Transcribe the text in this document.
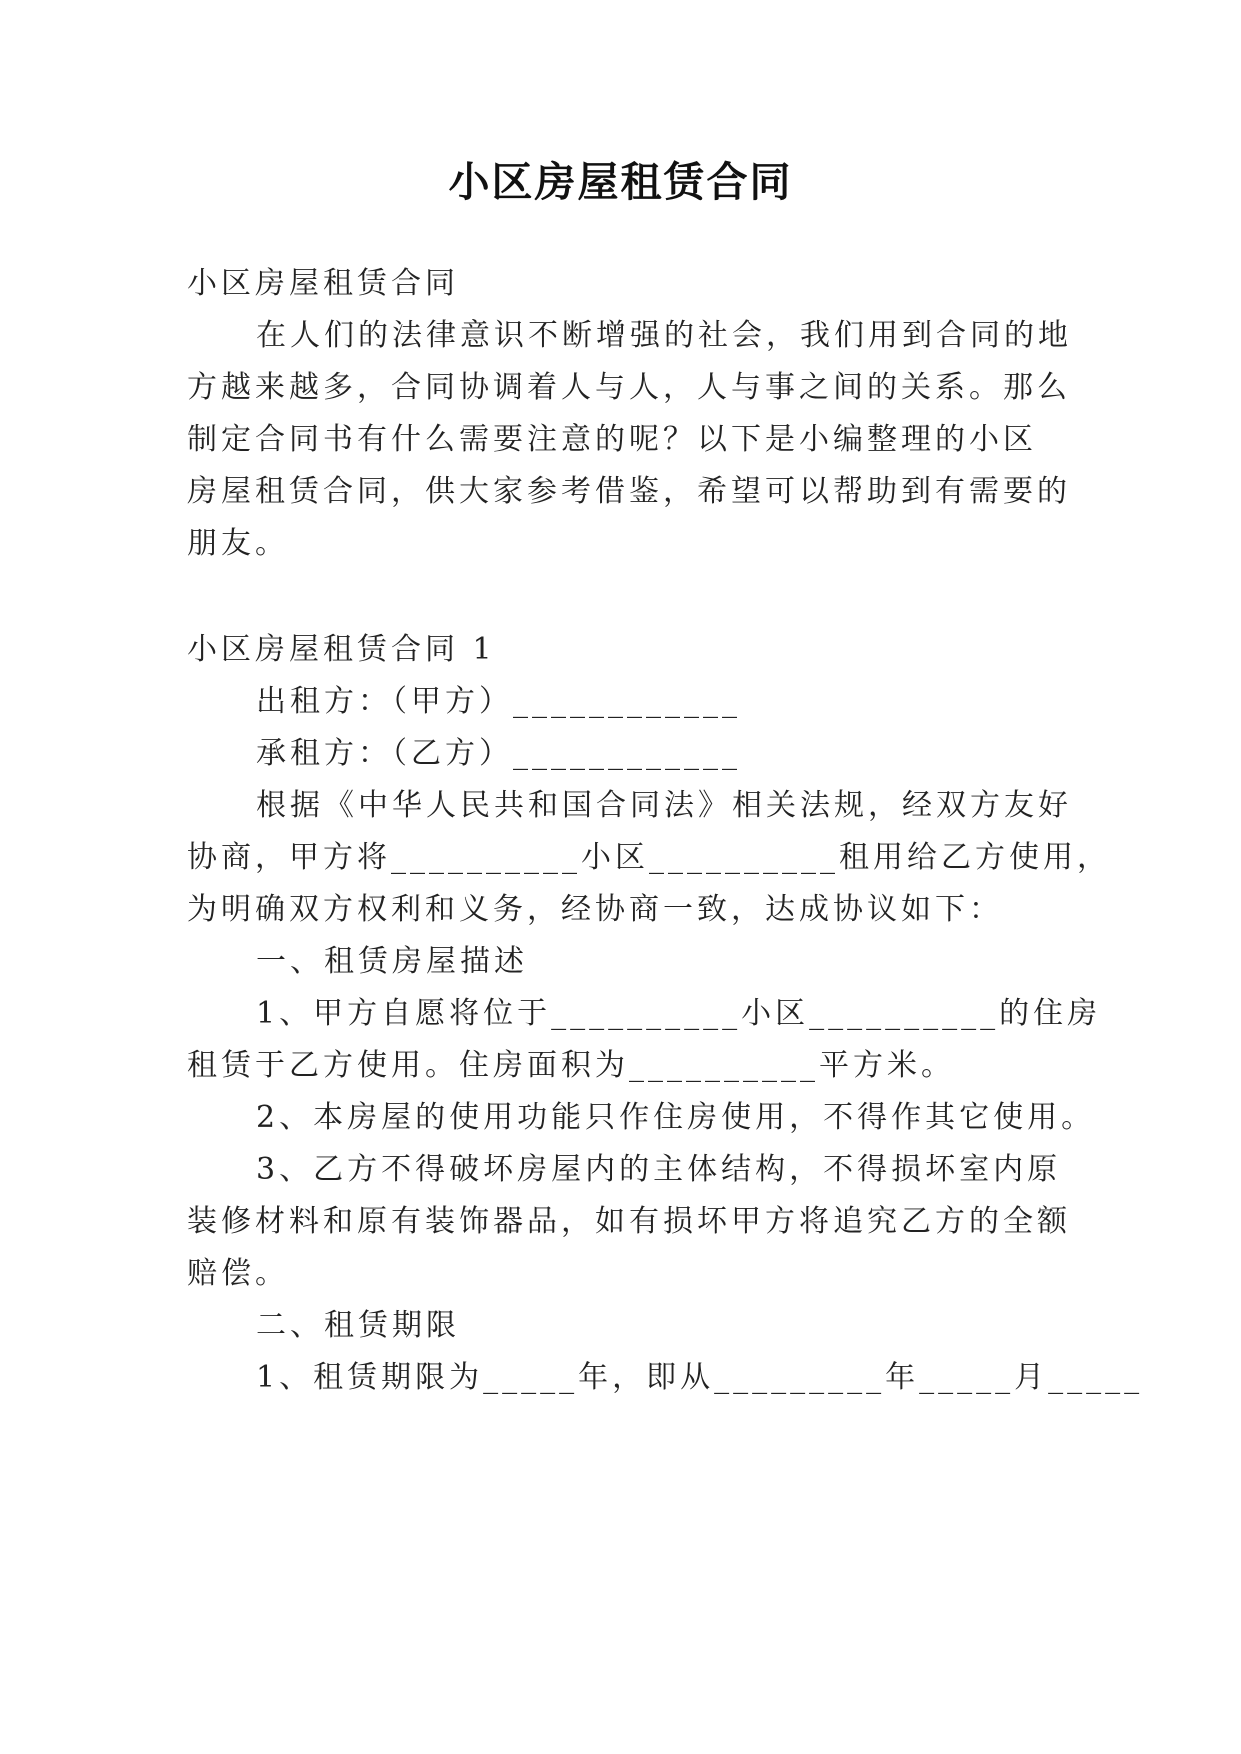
小区房屋租赁合同
小区房屋租赁合同
在人们的法律意识不断增强的社会，我们用到合同的地
方越来越多，合同协调着人与人，人与事之间的关系。那么
制定合同书有什么需要注意的呢？以下是小编整理的小区
房屋租赁合同，供大家参考借鉴，希望可以帮助到有需要的
朋友。
小区房屋租赁合同 1
出租方：（甲方）____________
承租方：（乙方）____________
根据《中华人民共和国合同法》相关法规，经双方友好
协商，甲方将__________小区__________租用给乙方使用，
为明确双方权利和义务，经协商一致，达成协议如下：
一、租赁房屋描述
1、甲方自愿将位于__________小区__________的住房
租赁于乙方使用。住房面积为__________平方米。
2、本房屋的使用功能只作住房使用，不得作其它使用。
3、乙方不得破坏房屋内的主体结构，不得损坏室内原
装修材料和原有装饰器品，如有损坏甲方将追究乙方的全额
赔偿。
二、租赁期限
1、租赁期限为_____年，即从_________年_____月_____
